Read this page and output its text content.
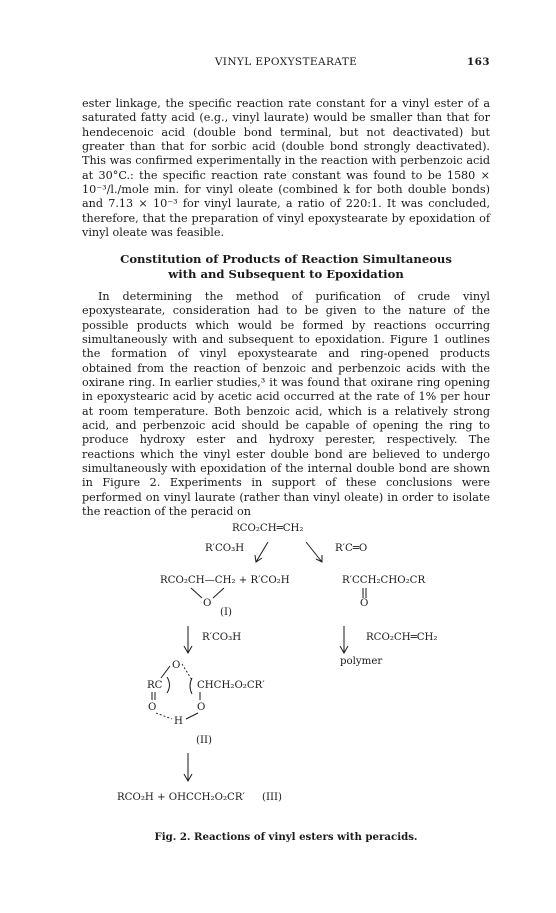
VINYL EPOXYSTEARATE	163

ester linkage, the specific reaction rate constant for a vinyl ester of a saturated fatty acid (e.g., vinyl laurate) would be smaller than that for hendecenoic acid (double bond terminal, but not deactivated) but greater than that for sorbic acid (double bond strongly deactivated). This was confirmed experimentally in the reaction with perbenzoic acid at 30°C.: the specific reaction rate constant was found to be 1580 × 10⁻³/l./mole min. for vinyl oleate (combined k for both double bonds) and 7.13 × 10⁻³ for vinyl laurate, a ratio of 220:1. It was concluded, therefore, that the preparation of vinyl epoxystearate by epoxidation of vinyl oleate was feasible.

Constitution of Products of Reaction Simultaneous
with and Subsequent to Epoxidation

In determining the method of purification of crude vinyl epoxystearate, consideration had to be given to the nature of the possible products which would be formed by reactions occurring simultaneously with and subsequent to epoxidation. Figure 1 outlines the formation of vinyl epoxystearate and ring-opened products obtained from the reaction of benzoic and perbenzoic acids with the oxirane ring. In earlier studies,³ it was found that oxirane ring opening in epoxystearic acid by acetic acid occurred at the rate of 1% per hour at room temperature. Both benzoic acid, which is a relatively strong acid, and perbenzoic acid should be capable of opening the ring to produce hydroxy ester and hydroxy perester, respectively. The reactions which the vinyl ester double bond are believed to undergo simultaneously with epoxidation of the internal double bond are shown in Figure 2. Experiments in support of these conclusions were performed on vinyl laurate (rather than vinyl oleate) in order to isolate the reaction of the peracid on

RCO₂CH═CH₂
R′CO₃H	R′C═O
RCO₂CH—CH₂ + R′CO₂H
O
(I)
R′CCH₂CHO₂CR
O
R′CO₃H	RCO₂CH═CH₂
polymer
O
RC	CHCH₂O₂CR′
O	O
H
(II)
RCO₂H + OHCCH₂O₂CR′ (III)

Fig. 2. Reactions of vinyl esters with peracids.
